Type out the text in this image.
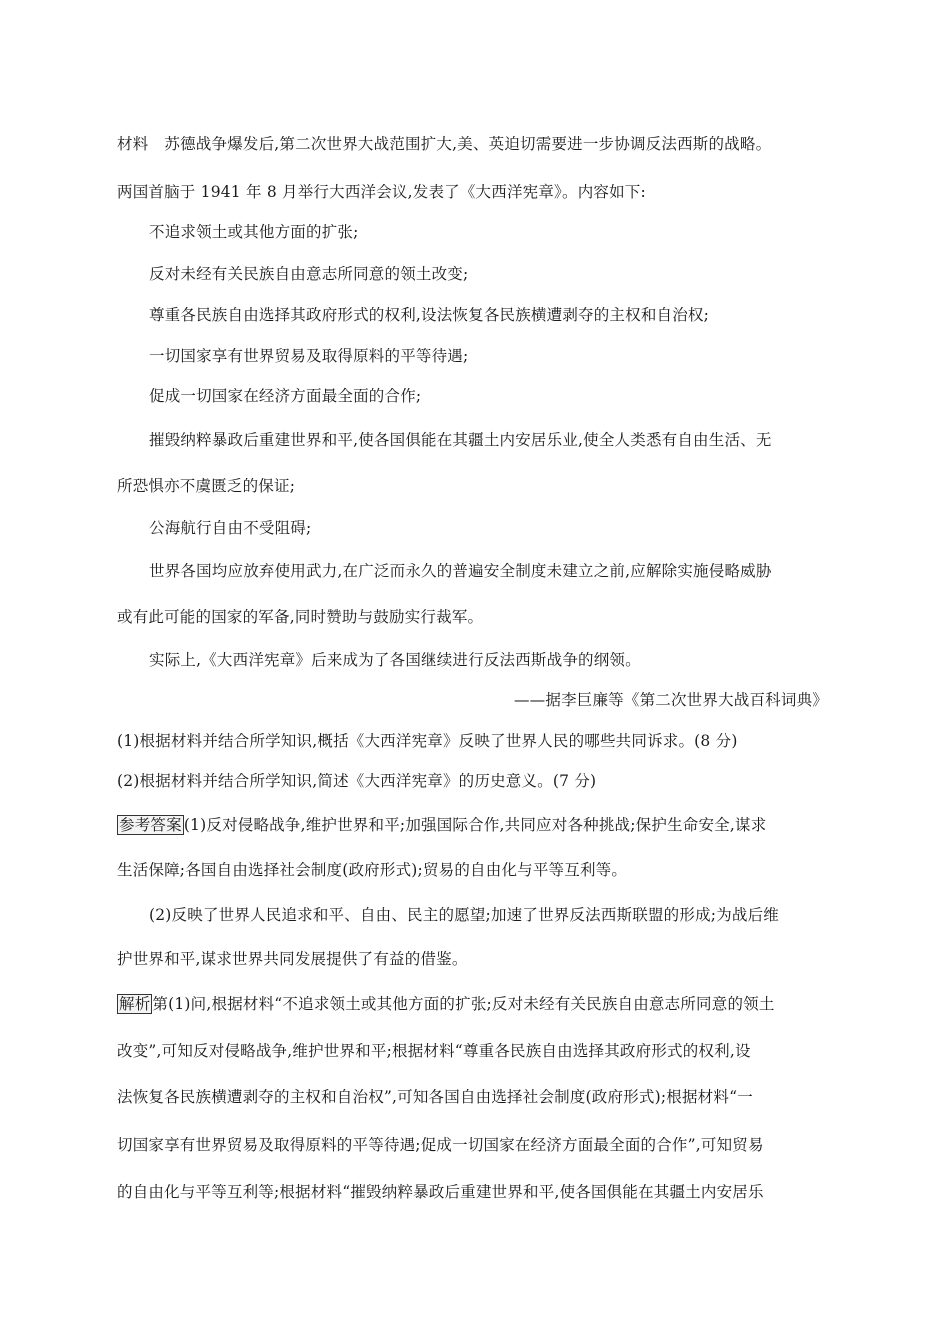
材料 苏德战争爆发后,第二次世界大战范围扩大,美、英迫切需要进一步协调反法西斯的战略。
两国首脑于 1941 年 8 月举行大西洋会议,发表了《大西洋宪章》。内容如下:
不追求领土或其他方面的扩张;
反对未经有关民族自由意志所同意的领土改变;
尊重各民族自由选择其政府形式的权利,设法恢复各民族横遭剥夺的主权和自治权;
一切国家享有世界贸易及取得原料的平等待遇;
促成一切国家在经济方面最全面的合作;
摧毁纳粹暴政后重建世界和平,使各国俱能在其疆土内安居乐业,使全人类悉有自由生活、无
所恐惧亦不虞匮乏的保证;
公海航行自由不受阻碍;
世界各国均应放弃使用武力,在广泛而永久的普遍安全制度未建立之前,应解除实施侵略威胁
或有此可能的国家的军备,同时赞助与鼓励实行裁军。
实际上,《大西洋宪章》后来成为了各国继续进行反法西斯战争的纲领。
——据李巨廉等《第二次世界大战百科词典》
(1)根据材料并结合所学知识,概括《大西洋宪章》反映了世界人民的哪些共同诉求。(8 分)
(2)根据材料并结合所学知识,简述《大西洋宪章》的历史意义。(7 分)
参考答案 (1)反对侵略战争,维护世界和平;加强国际合作,共同应对各种挑战;保护生命安全,谋求
生活保障;各国自由选择社会制度(政府形式);贸易的自由化与平等互利等。
(2)反映了世界人民追求和平、自由、民主的愿望;加速了世界反法西斯联盟的形成;为战后维
护世界和平,谋求世界共同发展提供了有益的借鉴。
解析 第(1)问,根据材料“不追求领土或其他方面的扩张;反对未经有关民族自由意志所同意的领土
改变”,可知反对侵略战争,维护世界和平;根据材料“尊重各民族自由选择其政府形式的权利,设
法恢复各民族横遭剥夺的主权和自治权”,可知各国自由选择社会制度(政府形式);根据材料“一
切国家享有世界贸易及取得原料的平等待遇;促成一切国家在经济方面最全面的合作”,可知贸易
的自由化与平等互利等;根据材料“摧毁纳粹暴政后重建世界和平,使各国俱能在其疆土内安居乐
